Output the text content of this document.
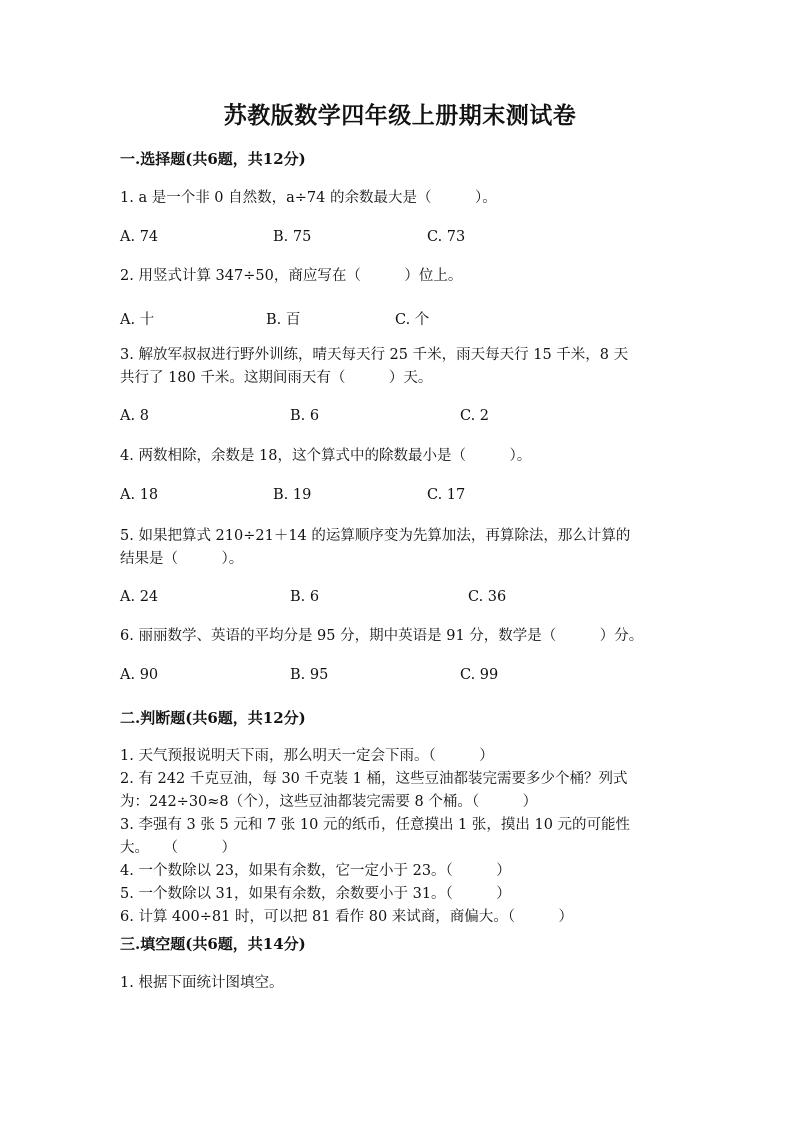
苏教版数学四年级上册期末测试卷
一.选择题(共6题，共12分)
1. a 是一个非 0 自然数，a÷74 的余数最大是（　　　）。
A. 74	B. 75	C. 73
2. 用竖式计算 347÷50，商应写在（　　　）位上。
A. 十	B. 百	C. 个
3. 解放军叔叔进行野外训练，晴天每天行 25 千米，雨天每天行 15 千米，8 天
共行了 180 千米。这期间雨天有（　　　）天。
A. 8	B. 6	C. 2
4. 两数相除，余数是 18，这个算式中的除数最小是（　　　）。
A. 18	B. 19	C. 17
5. 如果把算式 210÷21＋14 的运算顺序变为先算加法，再算除法，那么计算的
结果是（　　　）。
A. 24	B. 6	C. 36
6. 丽丽数学、英语的平均分是 95 分，期中英语是 91 分，数学是（　　　）分。
A. 90	B. 95	C. 99
二.判断题(共6题，共12分)
1. 天气预报说明天下雨，那么明天一定会下雨。（　　　）
2. 有 242 千克豆油，每 30 千克装 1 桶，这些豆油都装完需要多少个桶？列式
为：242÷30≈8（个），这些豆油都装完需要 8 个桶。（　　　）
3. 李强有 3 张 5 元和 7 张 10 元的纸币，任意摸出 1 张，摸出 10 元的可能性
大。　　（　　　）
4. 一个数除以 23，如果有余数，它一定小于 23。（　　　）
5. 一个数除以 31，如果有余数，余数要小于 31。（　　　）
6. 计算 400÷81 时，可以把 81 看作 80 来试商，商偏大。（　　　）
三.填空题(共6题，共14分)
1. 根据下面统计图填空。
